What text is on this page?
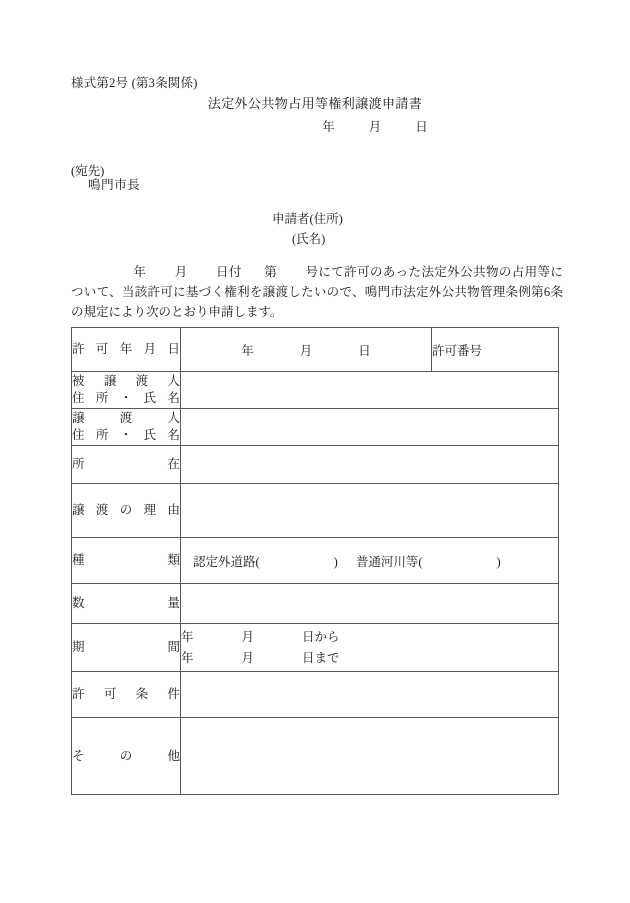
様式第2号 (第3条関係)
法定外公共物占用等権利譲渡申請書
年	月	日
(宛先)
鳴門市長
申請者(住所)
(氏名)
年 月 日付 第 号にて許可のあった法定外公共物の占用等について、当該許可に基づく権利を譲渡したいので、鳴門市法定外公共物管理条例第6条の規定により次のとおり申請します。
許可年月日	年 月 日	許可番号

被譲渡人
住所・氏名		

譲渡人
住所・氏名		

所在		

譲渡の理由		

種類	認定外道路( ) 普通河川等( )	

数量		

期間	年 月 日から
年 月 日まで	

許可条件		

その他		
